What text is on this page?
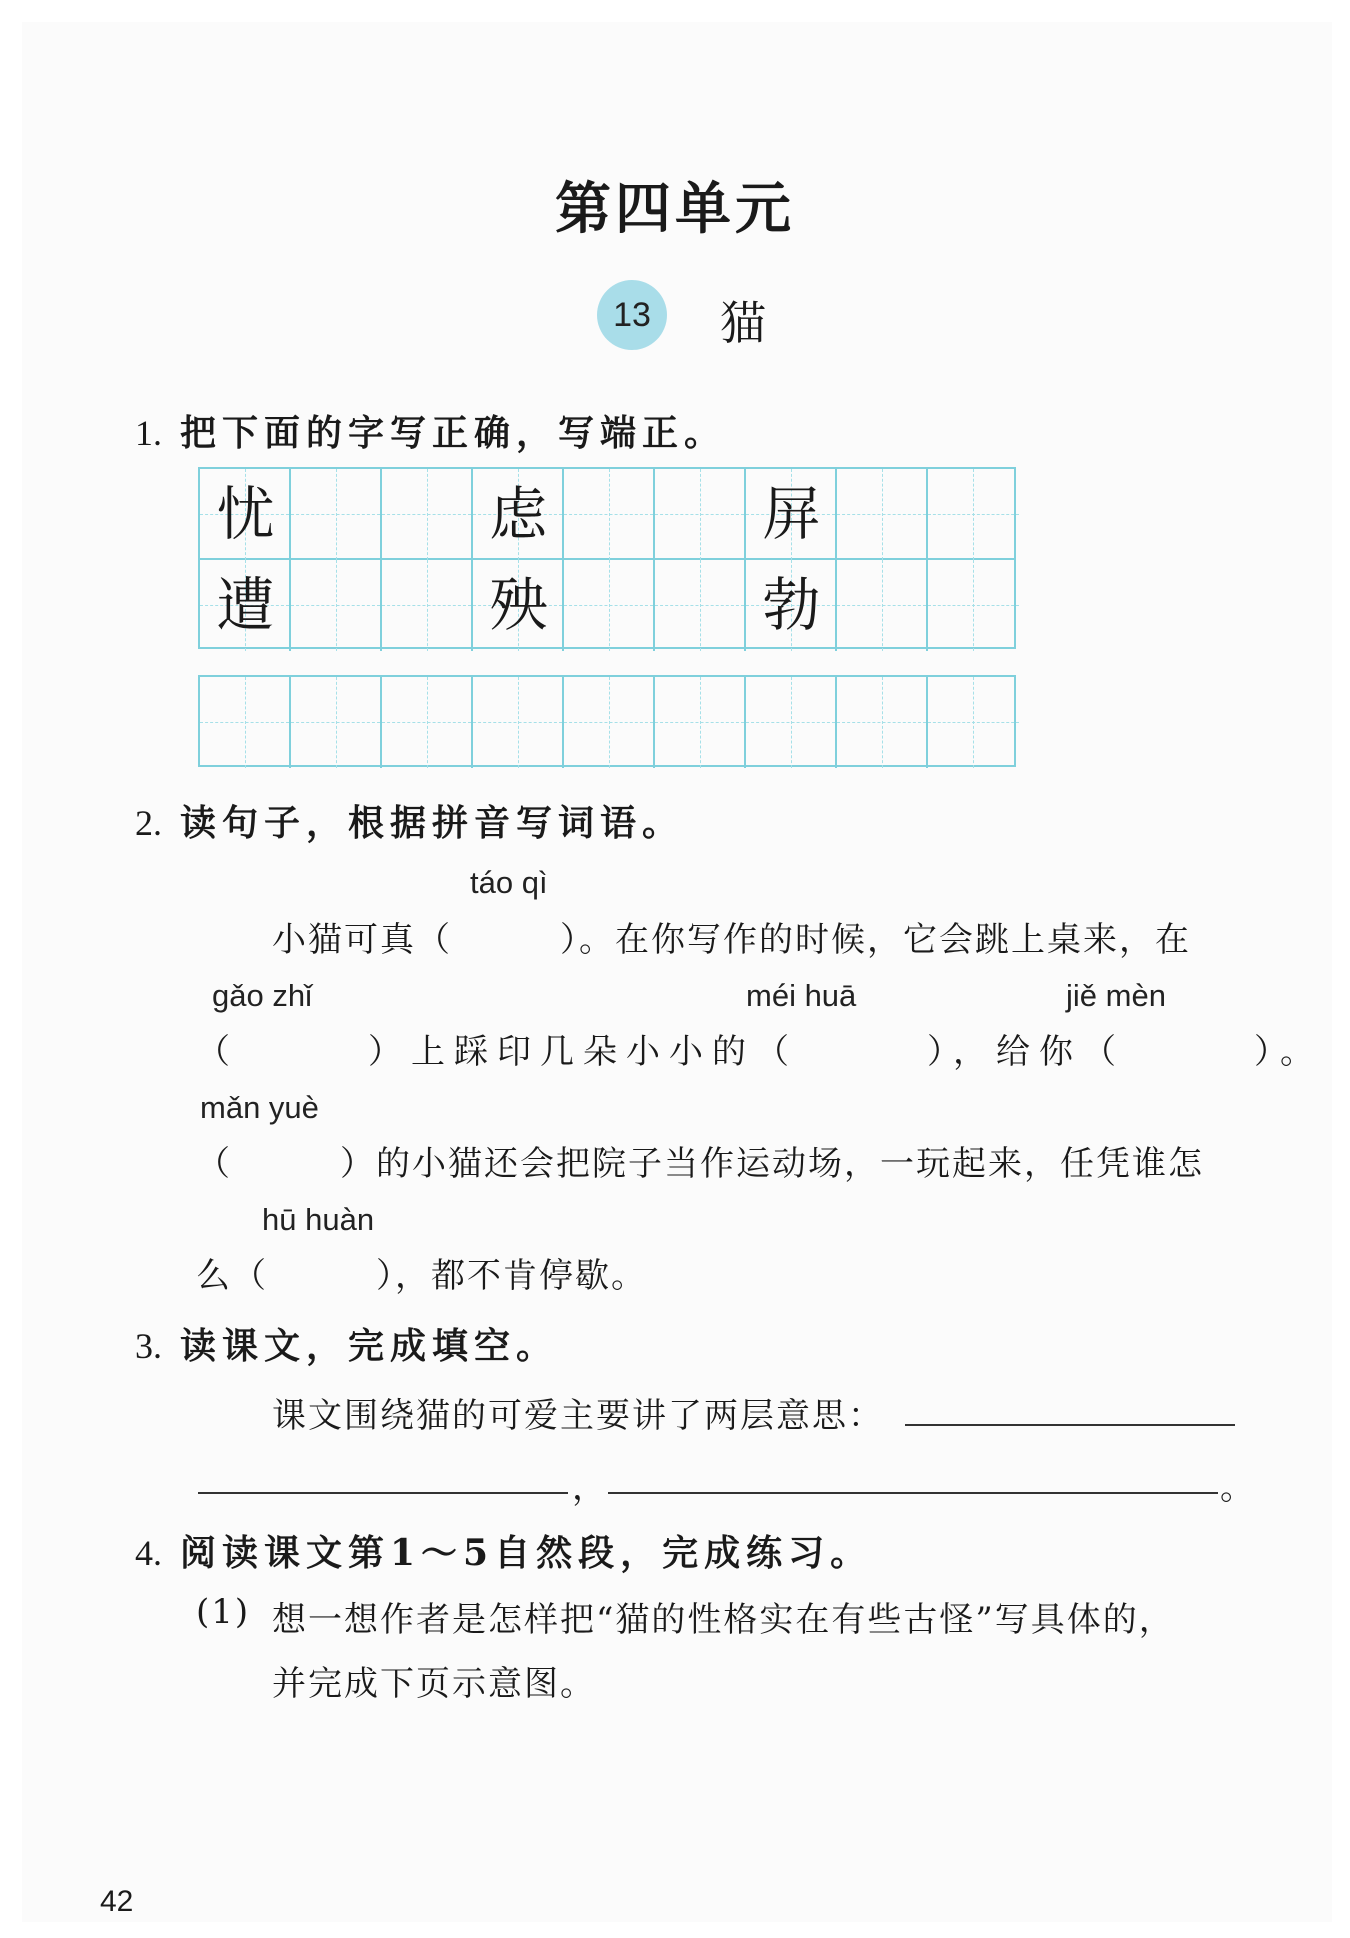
第四单元
13	猫
1. 把下面的字写正确，写端正。
忧	虑	屏
遭	殃	勃
2. 读句子，根据拼音写词语。
táo qì
小猫可真（　　　）。在你写作的时候，它会跳上桌来，在
gǎo zhǐ	méi huā	jiě mèn
（　　　）上踩印几朵小小的（　　　），给你（　　　）。
mǎn yuè
（　　　）的小猫还会把院子当作运动场，一玩起来，任凭谁怎
hū huàn
么（　　　），都不肯停歇。
3. 读课文，完成填空。
课文围绕猫的可爱主要讲了两层意思：
，	。
4. 阅读课文第1～5自然段，完成练习。
(1) 想一想作者是怎样把“猫的性格实在有些古怪”写具体的，
并完成下页示意图。
42
